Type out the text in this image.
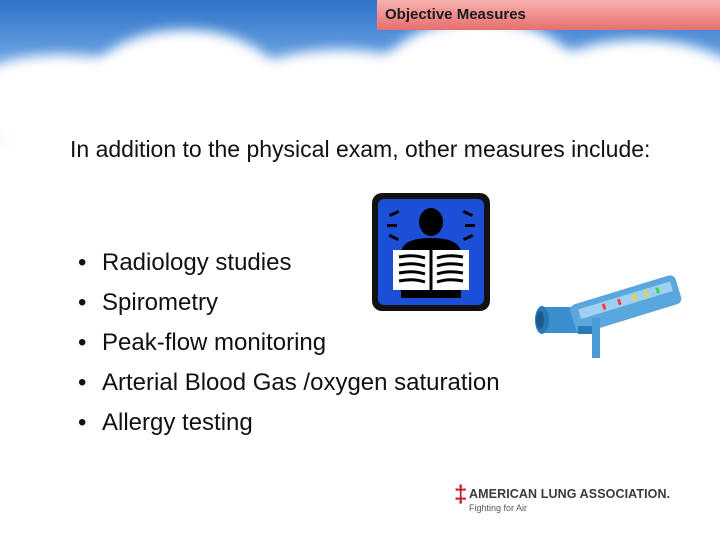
Objective Measures
In addition to the physical exam, other measures include:
• Radiology studies
• Spirometry
• Peak-flow monitoring
• Arterial Blood Gas /oxygen saturation
• Allergy testing
‡ AMERICAN LUNG ASSOCIATION.
Fighting for Air
